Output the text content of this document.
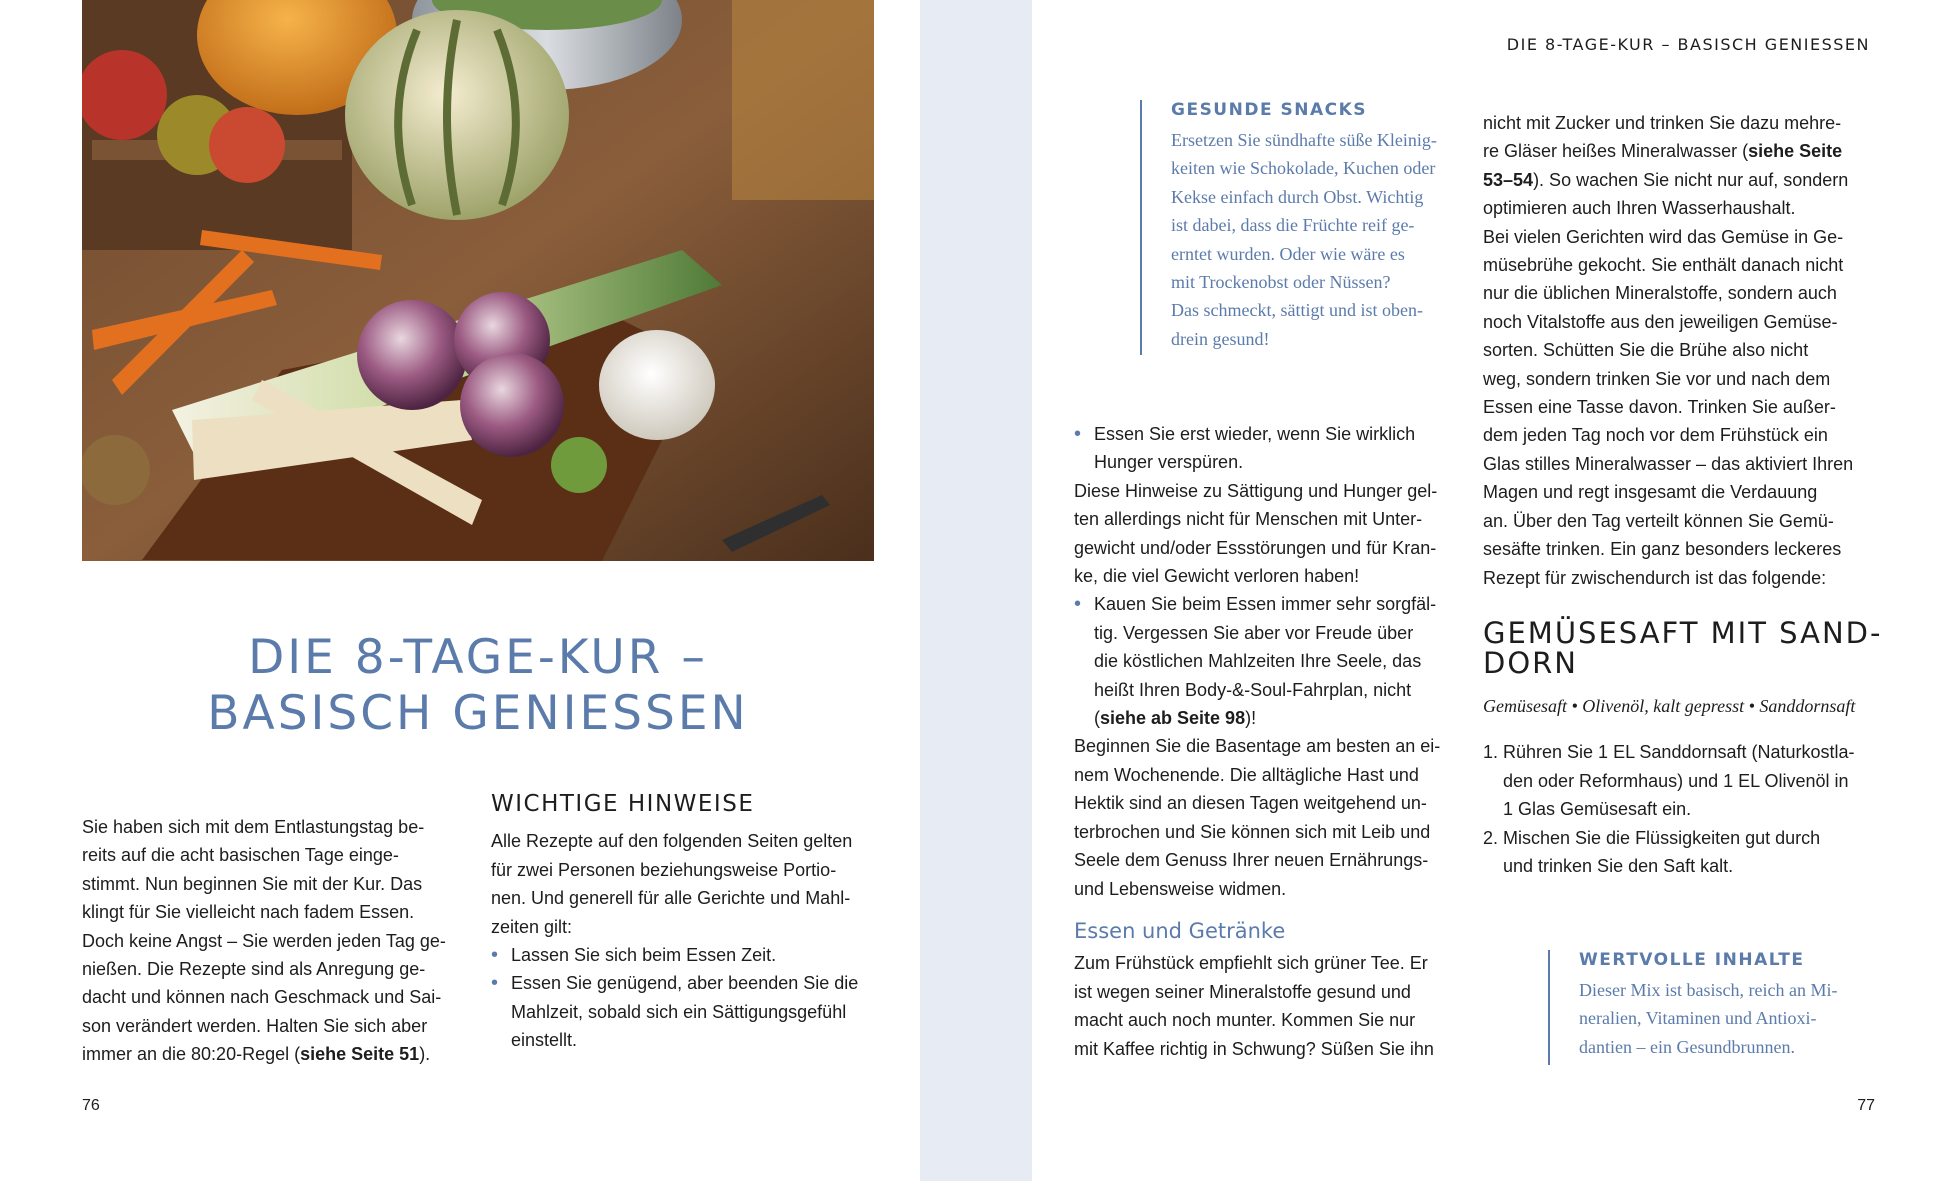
DIE 8-TAGE-KUR –
BASISCH GENIESSEN
Sie haben sich mit dem Entlastungstag be-
reits auf die acht basischen Tage einge-
stimmt. Nun beginnen Sie mit der Kur. Das
klingt für Sie vielleicht nach fadem Essen.
Doch keine Angst – Sie werden jeden Tag ge-
nießen. Die Rezepte sind als Anregung ge-
dacht und können nach Geschmack und Sai-
son verändert werden. Halten Sie sich aber
immer an die 80:20-Regel (siehe Seite 51).
WICHTIGE HINWEISE
Alle Rezepte auf den folgenden Seiten gelten
für zwei Personen beziehungsweise Portio-
nen. Und generell für alle Gerichte und Mahl-
zeiten gilt:
• Lassen Sie sich beim Essen Zeit.
• Essen Sie genügend, aber beenden Sie die
Mahlzeit, sobald sich ein Sättigungsgefühl
einstellt.
76
DIE 8-TAGE-KUR – BASISCH GENIESSEN
GESUNDE SNACKS
Ersetzen Sie sündhafte süße Kleinig-
keiten wie Schokolade, Kuchen oder
Kekse einfach durch Obst. Wichtig
ist dabei, dass die Früchte reif ge-
erntet wurden. Oder wie wäre es
mit Trockenobst oder Nüssen?
Das schmeckt, sättigt und ist oben-
drein gesund!
• Essen Sie erst wieder, wenn Sie wirklich
Hunger verspüren.
Diese Hinweise zu Sättigung und Hunger gel-
ten allerdings nicht für Menschen mit Unter-
gewicht und/oder Essstörungen und für Kran-
ke, die viel Gewicht verloren haben!
• Kauen Sie beim Essen immer sehr sorgfäl-
tig. Vergessen Sie aber vor Freude über
die köstlichen Mahlzeiten Ihre Seele, das
heißt Ihren Body-&-Soul-Fahrplan, nicht
(siehe ab Seite 98)!
Beginnen Sie die Basentage am besten an ei-
nem Wochenende. Die alltägliche Hast und
Hektik sind an diesen Tagen weitgehend un-
terbrochen und Sie können sich mit Leib und
Seele dem Genuss Ihrer neuen Ernährungs-
und Lebensweise widmen.
Essen und Getränke
Zum Frühstück empfiehlt sich grüner Tee. Er
ist wegen seiner Mineralstoffe gesund und
macht auch noch munter. Kommen Sie nur
mit Kaffee richtig in Schwung? Süßen Sie ihn
nicht mit Zucker und trinken Sie dazu mehre-
re Gläser heißes Mineralwasser (siehe Seite
53–54). So wachen Sie nicht nur auf, sondern
optimieren auch Ihren Wasserhaushalt.
Bei vielen Gerichten wird das Gemüse in Ge-
müsebrühe gekocht. Sie enthält danach nicht
nur die üblichen Mineralstoffe, sondern auch
noch Vitalstoffe aus den jeweiligen Gemüse-
sorten. Schütten Sie die Brühe also nicht
weg, sondern trinken Sie vor und nach dem
Essen eine Tasse davon. Trinken Sie außer-
dem jeden Tag noch vor dem Frühstück ein
Glas stilles Mineralwasser – das aktiviert Ihren
Magen und regt insgesamt die Verdauung
an. Über den Tag verteilt können Sie Gemü-
sesäfte trinken. Ein ganz besonders leckeres
Rezept für zwischendurch ist das folgende:
GEMÜSESAFT MIT SAND-
DORN
Gemüsesaft • Olivenöl, kalt gepresst • Sanddornsaft
1. Rühren Sie 1 EL Sanddornsaft (Naturkostla-
den oder Reformhaus) und 1 EL Olivenöl in
1 Glas Gemüsesaft ein.
2. Mischen Sie die Flüssigkeiten gut durch
und trinken Sie den Saft kalt.
WERTVOLLE INHALTE
Dieser Mix ist basisch, reich an Mi-
neralien, Vitaminen und Antioxi-
dantien – ein Gesundbrunnen.
77
